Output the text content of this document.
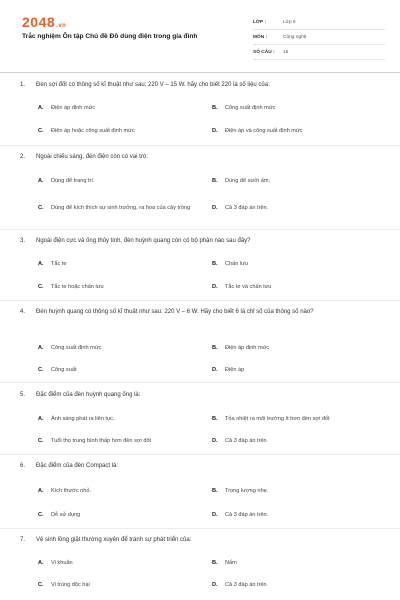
2048.vn
Trắc nghiệm Ôn tập Chủ đề Đồ dùng điện trong gia đình
LỚP :	Lớp 6
MÔN :	Công nghệ
SỐ CÂU :	15
1.	Đèn sợi đốt có thông số kĩ thuật như sau: 220 V – 15 W. hãy cho biết 220 là số liệu của:
A.	Điện áp định mức	B.	Công suất định mức
C.	Điện áp hoặc công suất định mức	D.	Điện áp và công suất định mức
2.	Ngoài chiếu sáng, đèn điện còn có vai trò:
A.	Dùng để trang trí.	B.	Dùng để sưởi ấm.
C.	Dùng để kích thích sự sinh trưởng, ra hoa của cây trồng	D.	Cả 3 đáp án trên.
3.	Ngoài điện cực và ống thủy tinh, đèn huỳnh quang còn có bộ phận nào sau đây?
A.	Tắc te	B.	Chấn lưu
C.	Tắc te hoặc chấn lưu	D.	Tắc te và chấn lưu
4.	Đèn huỳnh quang có thông số kĩ thuật như sau: 220 V – 6 W. Hãy cho biết 6 là chỉ số của thông số nào?
A.	Công suất định mức	B.	Điện áp định mức
C.	Công suất	D.	Điện áp
5.	Đặc điểm của đèn huỳnh quang ống là:
A.	Ánh sáng phát ra liên tục.	B.	Tỏa nhiệt ra môi trường ít hơn đèn sợi đốt
C.	Tuổi thọ trung bình thấp hơn đèn sợi đốt	D.	Cả 3 đáp án trên
6.	Đặc điểm của đèn Compact là:
A.	Kích thước nhỏ.	B.	Trọng lượng nhẹ.
C.	Dễ sử dụng	D.	Cả 3 đáp án trên.
7.	Vệ sinh lồng giặt thường xuyên để tránh sự phát triển của:
A.	Vi khuẩn	B.	Nấm
C.	Vi trùng độc hại	D.	Cả 3 đáp án trên
